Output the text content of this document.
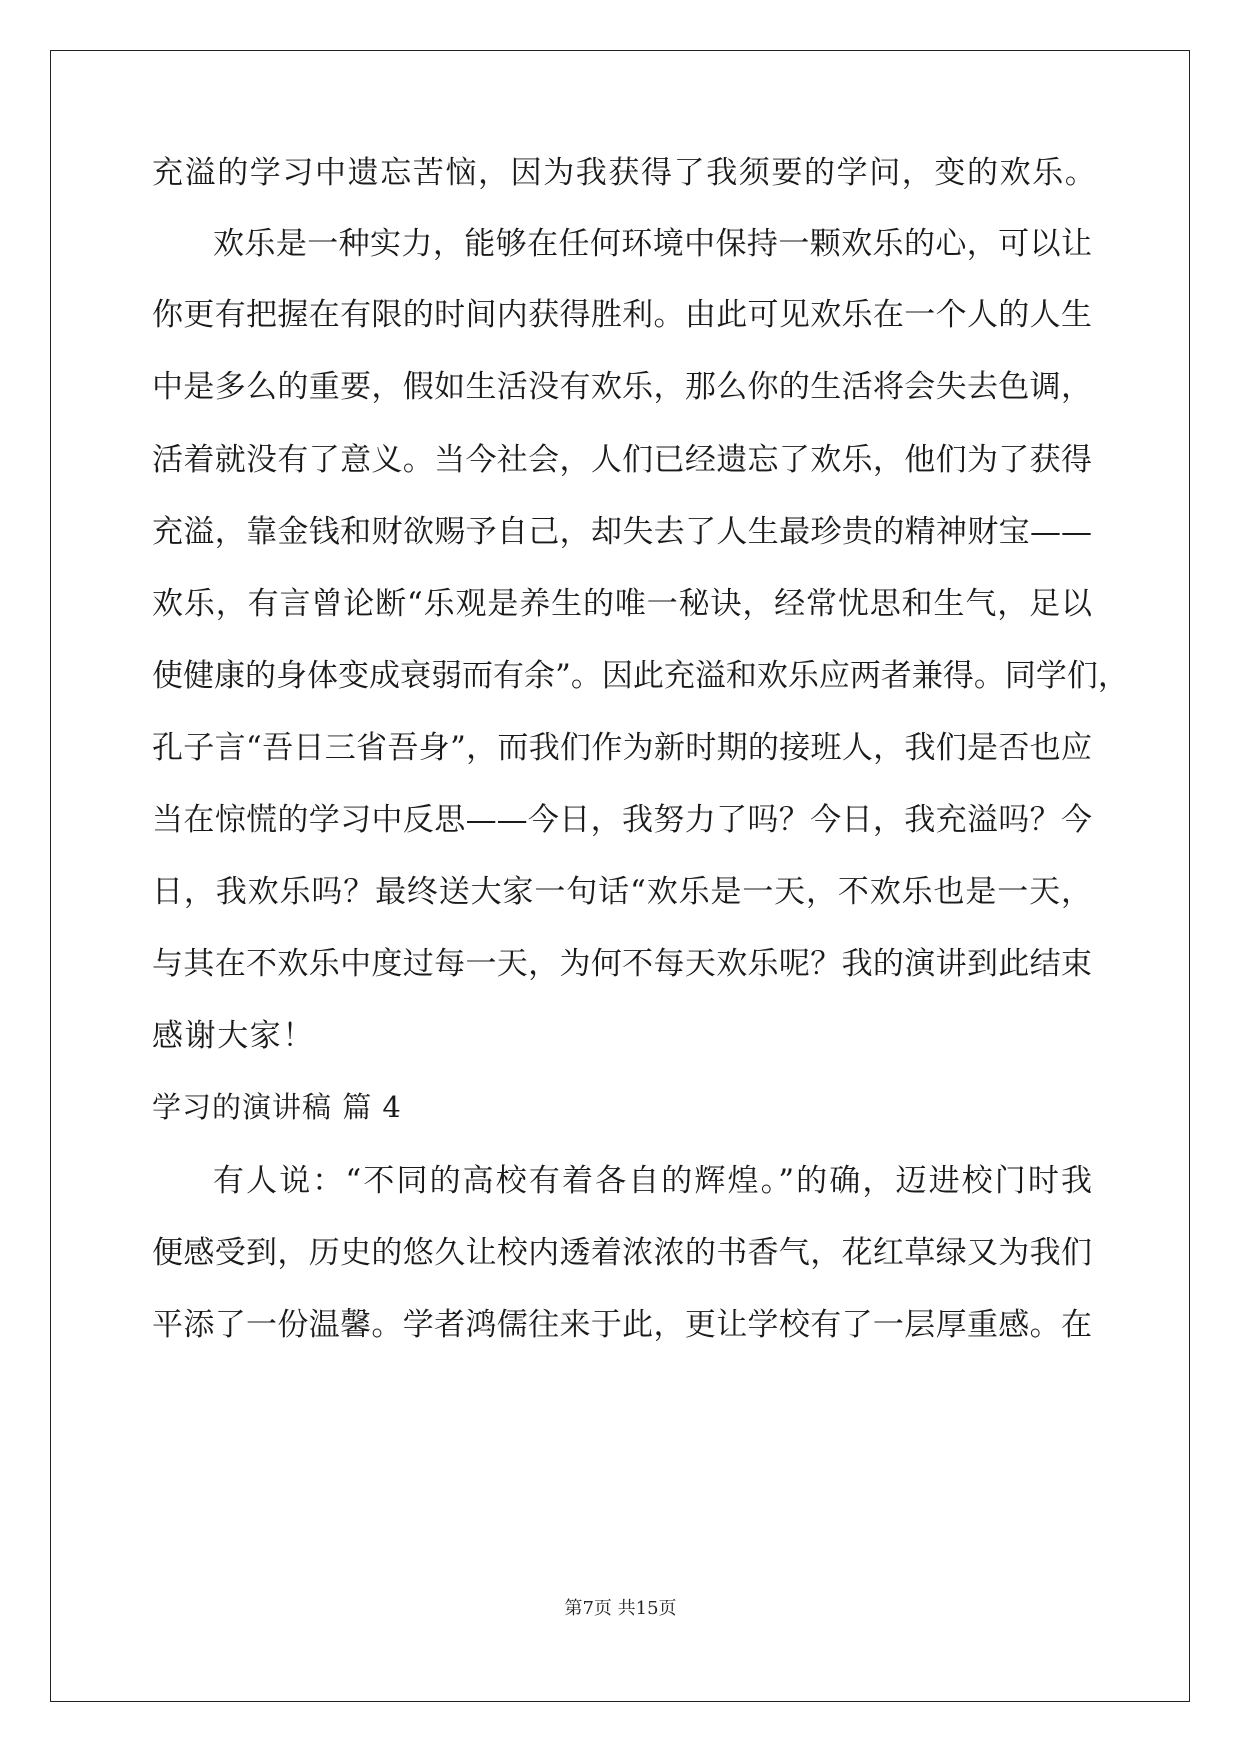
充溢的学习中遗忘苦恼，因为我获得了我须要的学问，变的欢乐。
欢乐是一种实力，能够在任何环境中保持一颗欢乐的心，可以让
你更有把握在有限的时间内获得胜利。由此可见欢乐在一个人的人生
中是多么的重要，假如生活没有欢乐，那么你的生活将会失去色调，
活着就没有了意义。当今社会，人们已经遗忘了欢乐，他们为了获得
充溢，靠金钱和财欲赐予自己，却失去了人生最珍贵的精神财宝——
欢乐，有言曾论断“乐观是养生的唯一秘诀，经常忧思和生气，足以
使健康的身体变成衰弱而有余”。因此充溢和欢乐应两者兼得。同学们，
孔子言“吾日三省吾身”，而我们作为新时期的接班人，我们是否也应
当在惊慌的学习中反思——今日，我努力了吗？今日，我充溢吗？今
日，我欢乐吗？最终送大家一句话“欢乐是一天，不欢乐也是一天，
与其在不欢乐中度过每一天，为何不每天欢乐呢？我的演讲到此结束
感谢大家！
学习的演讲稿 篇 4
有人说：“不同的高校有着各自的辉煌。”的确，迈进校门时我
便感受到，历史的悠久让校内透着浓浓的书香气，花红草绿又为我们
平添了一份温馨。学者鸿儒往来于此，更让学校有了一层厚重感。在
第7页 共15页
